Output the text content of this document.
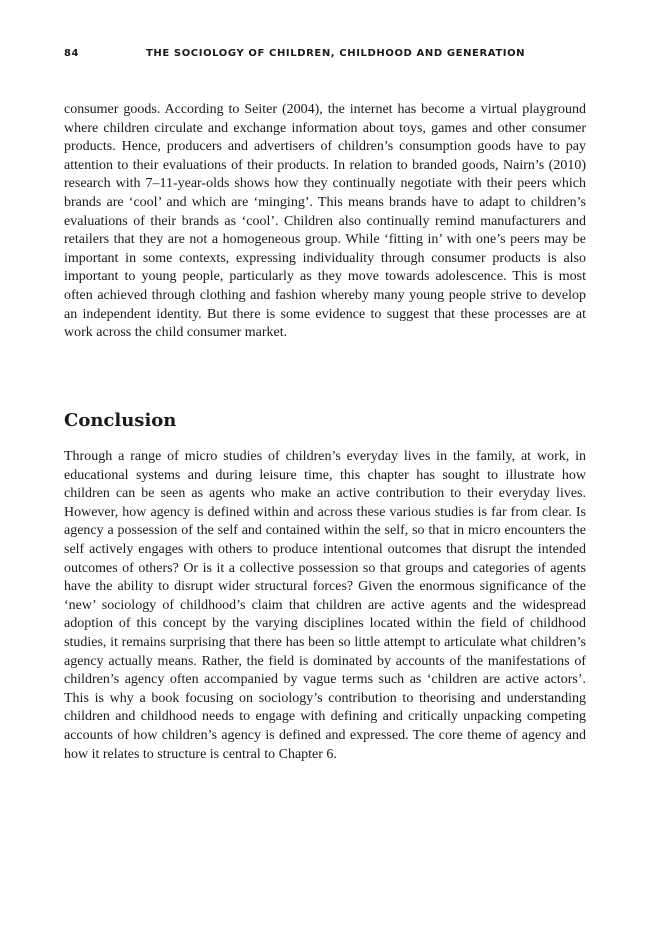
84	THE SOCIOLOGY OF CHILDREN, CHILDHOOD AND GENERATION

consumer goods. According to Seiter (2004), the internet has become a virtual playground where children circulate and exchange information about toys, games and other consumer products. Hence, producers and advertisers of children’s consumption goods have to pay attention to their evaluations of their products. In relation to branded goods, Nairn’s (2010) research with 7–11-year-olds shows how they continually negotiate with their peers which brands are ‘cool’ and which are ‘minging’. This means brands have to adapt to children’s evaluations of their brands as ‘cool’. Children also continually remind manufacturers and retailers that they are not a homogeneous group. While ‘fitting in’ with one’s peers may be important in some contexts, expressing individuality through consumer products is also important to young people, particularly as they move towards adolescence. This is most often achieved through clothing and fashion whereby many young people strive to develop an independent identity. But there is some evidence to suggest that these processes are at work across the child consumer market.

Conclusion

Through a range of micro studies of children’s everyday lives in the family, at work, in educational systems and during leisure time, this chapter has sought to illustrate how children can be seen as agents who make an active contribution to their everyday lives. However, how agency is defined within and across these various studies is far from clear. Is agency a possession of the self and contained within the self, so that in micro encounters the self actively engages with others to produce intentional outcomes that disrupt the intended outcomes of others? Or is it a collective possession so that groups and categories of agents have the ability to disrupt wider structural forces? Given the enormous significance of the ‘new’ sociology of childhood’s claim that children are active agents and the widespread adoption of this concept by the varying disciplines located within the field of childhood studies, it remains surprising that there has been so little attempt to articulate what children’s agency actually means. Rather, the field is dominated by accounts of the manifestations of children’s agency often accompanied by vague terms such as ‘children are active actors’. This is why a book focusing on sociology’s contribution to theorising and understanding children and childhood needs to engage with defining and critically unpacking competing accounts of how children’s agency is defined and expressed. The core theme of agency and how it relates to structure is central to Chapter 6.
